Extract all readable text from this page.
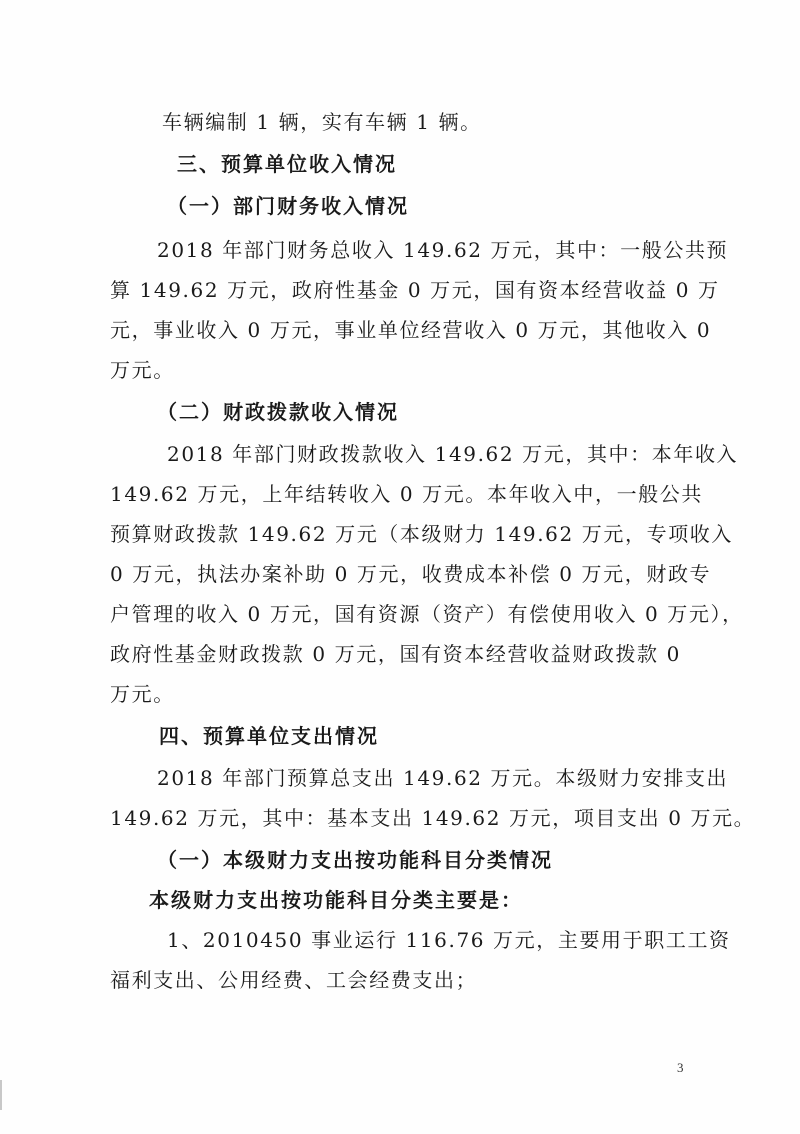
车辆编制 1 辆，实有车辆 1 辆。
三、预算单位收入情况
（一）部门财务收入情况
2018 年部门财务总收入 149.62 万元，其中：一般公共预
算 149.62 万元，政府性基金 0 万元，国有资本经营收益 0 万
元，事业收入 0 万元，事业单位经营收入 0 万元，其他收入 0
万元。
（二）财政拨款收入情况
2018 年部门财政拨款收入 149.62 万元，其中：本年收入
149.62 万元，上年结转收入 0 万元。本年收入中，一般公共
预算财政拨款 149.62 万元（本级财力 149.62 万元，专项收入
0 万元，执法办案补助 0 万元，收费成本补偿 0 万元，财政专
户管理的收入 0 万元，国有资源（资产）有偿使用收入 0 万元），
政府性基金财政拨款 0 万元，国有资本经营收益财政拨款 0
万元。
四、预算单位支出情况
2018 年部门预算总支出 149.62 万元。本级财力安排支出
149.62 万元，其中：基本支出 149.62 万元，项目支出 0 万元。
（一）本级财力支出按功能科目分类情况
本级财力支出按功能科目分类主要是：
1、2010450 事业运行 116.76 万元，主要用于职工工资
福利支出、公用经费、工会经费支出；
3
